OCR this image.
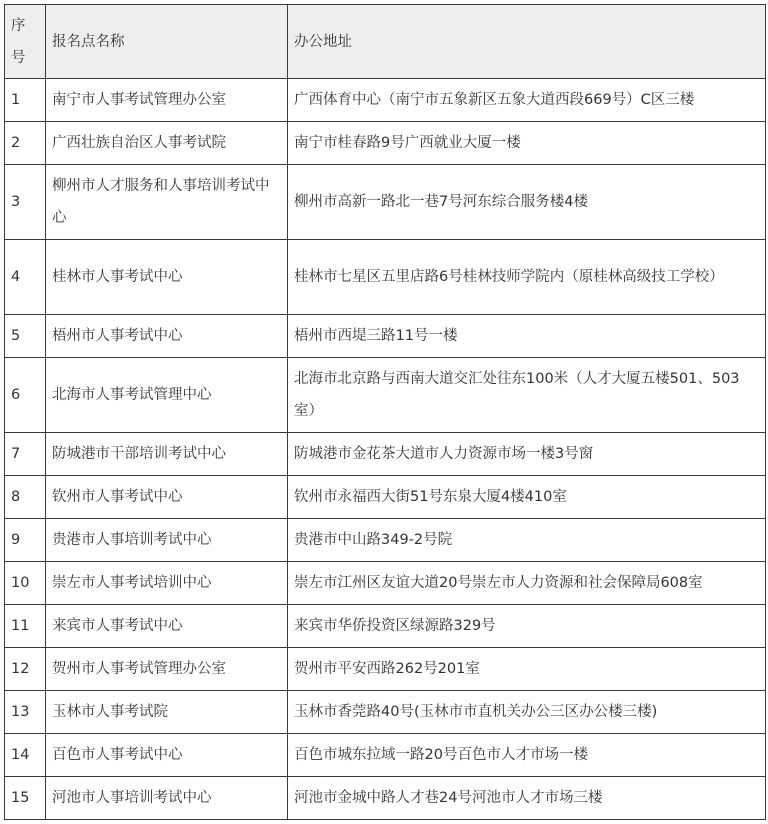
序号	报名点名称	办公地址
1	南宁市人事考试管理办公室	广西体育中心（南宁市五象新区五象大道西段669号）C区三楼
2	广西壮族自治区人事考试院	南宁市桂春路9号广西就业大厦一楼
3	柳州市人才服务和人事培训考试中心	柳州市高新一路北一巷7号河东综合服务楼4楼
4	桂林市人事考试中心	桂林市七星区五里店路6号桂林技师学院内（原桂林高级技工学校）
5	梧州市人事考试中心	梧州市西堤三路11号一楼
6	北海市人事考试管理中心	北海市北京路与西南大道交汇处往东100米（人才大厦五楼501、503室）
7	防城港市干部培训考试中心	防城港市金花茶大道市人力资源市场一楼3号窗
8	钦州市人事考试中心	钦州市永福西大街51号东泉大厦4楼410室
9	贵港市人事培训考试中心	贵港市中山路349-2号院
10	崇左市人事考试培训中心	崇左市江州区友谊大道20号崇左市人力资源和社会保障局608室
11	来宾市人事考试中心	来宾市华侨投资区绿源路329号
12	贺州市人事考试管理办公室	贺州市平安西路262号201室
13	玉林市人事考试院	玉林市香莞路40号(玉林市市直机关办公三区办公楼三楼)
14	百色市人事考试中心	百色市城东拉域一路20号百色市人才市场一楼
15	河池市人事培训考试中心	河池市金城中路人才巷24号河池市人才市场三楼
